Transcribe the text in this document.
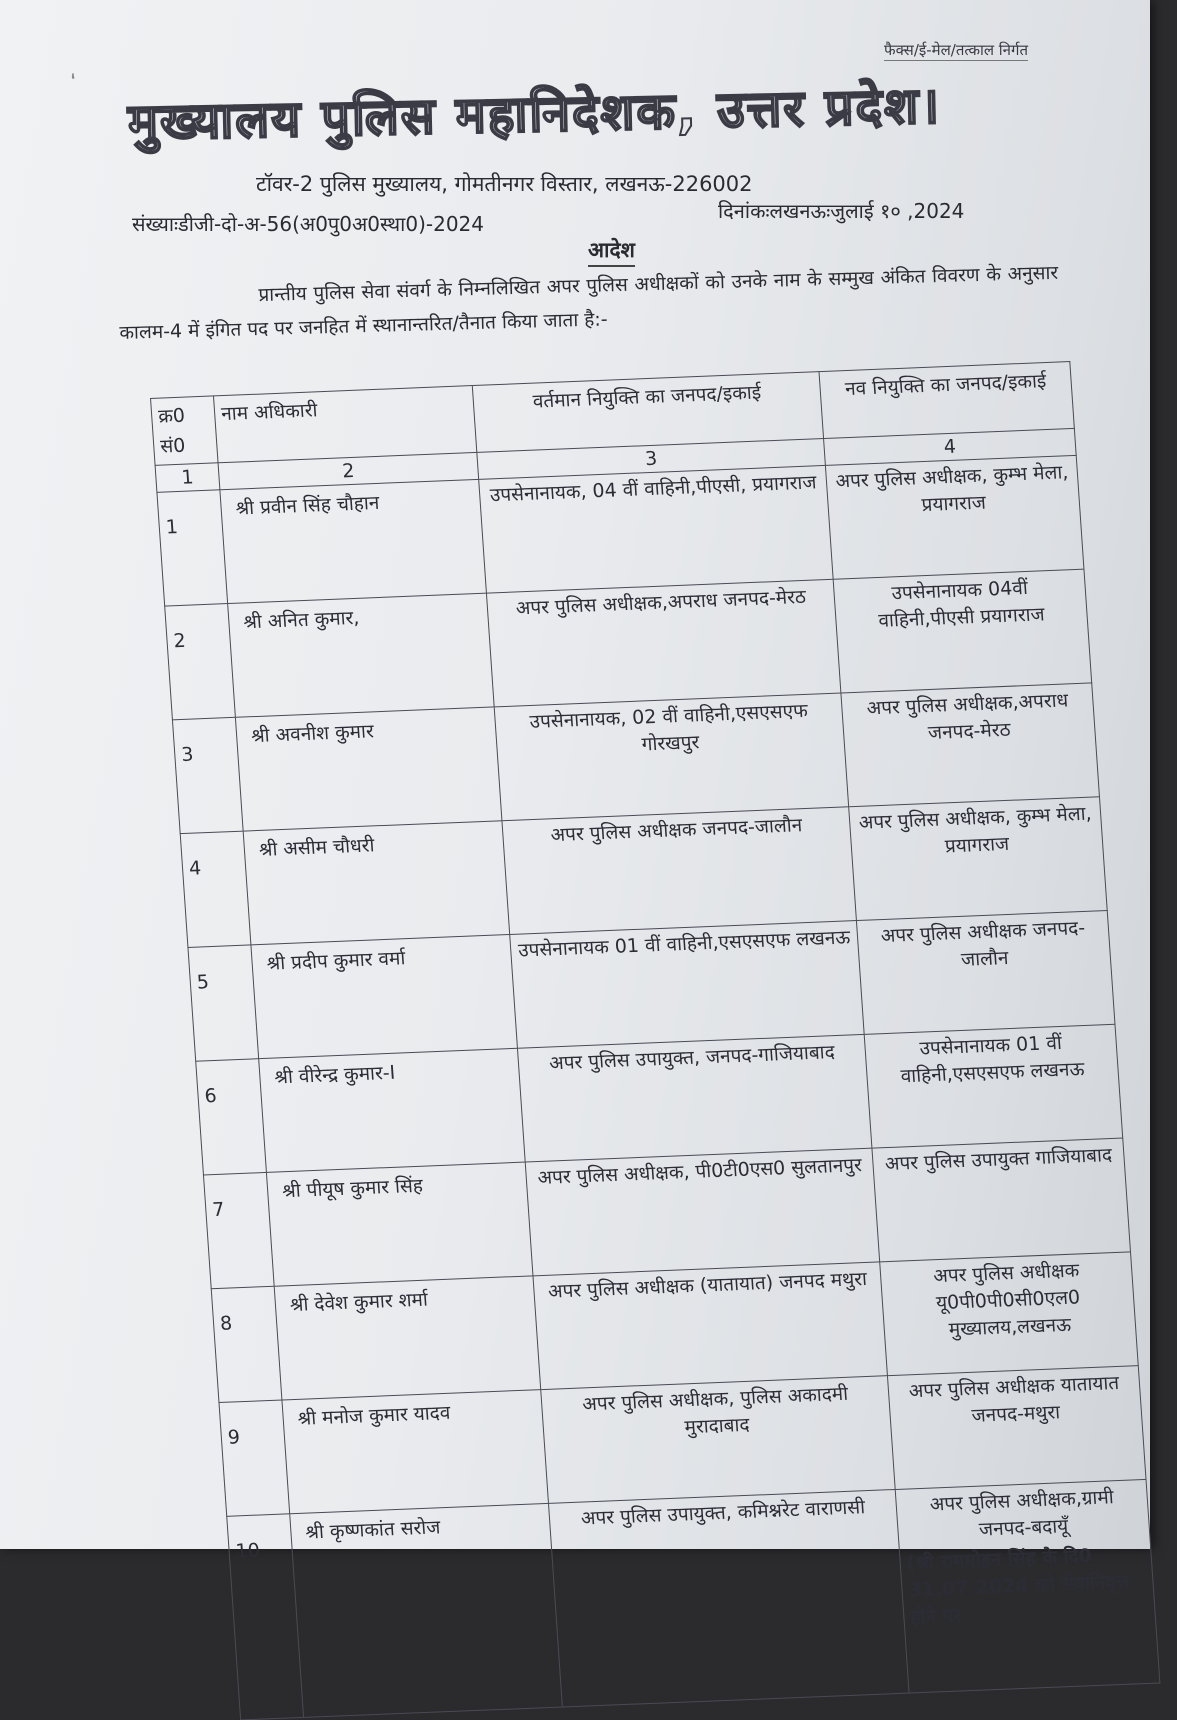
‘
फैक्स/ई-मेल/तत्काल निर्गत
मुख्यालय पुलिस महानिदेशक, उत्तर प्रदेश।
टॉवर-2 पुलिस मुख्यालय, गोमतीनगर विस्तार, लखनऊ-226002
संख्याःडीजी-दो-अ-56(अ0पु0अ0स्था0)-2024
दिनांकःलखनऊःजुलाई १० ,2024
आदेश
प्रान्तीय पुलिस सेवा संवर्ग के निम्नलिखित अपर पुलिस अधीक्षकों को उनके नाम के सम्मुख अंकित विवरण के अनुसार कालम-4 में इंगित पद पर जनहित में स्थानान्तरित/तैनात किया जाता है:-
क्र0 सं0	नाम अधिकारी	वर्तमान नियुक्ति का जनपद/इकाई	नव नियुक्ति का जनपद/इकाई
1	2	3	4
1	श्री प्रवीन सिंह चौहान	उपसेनानायक, 04 वीं वाहिनी,पीएसी, प्रयागराज	अपर पुलिस अधीक्षक, कुम्भ मेला, प्रयागराज
2	श्री अनित कुमार,	अपर पुलिस अधीक्षक,अपराध जनपद-मेरठ	उपसेनानायक 04वीं वाहिनी,पीएसी प्रयागराज
3	श्री अवनीश कुमार	उपसेनानायक, 02 वीं वाहिनी,एसएसएफ गोरखपुर	अपर पुलिस अधीक्षक,अपराध जनपद-मेरठ
4	श्री असीम चौधरी	अपर पुलिस अधीक्षक जनपद-जालौन	अपर पुलिस अधीक्षक, कुम्भ मेला, प्रयागराज
5	श्री प्रदीप कुमार वर्मा	उपसेनानायक 01 वीं वाहिनी,एसएसएफ लखनऊ	अपर पुलिस अधीक्षक जनपद-जालौन
6	श्री वीरेन्द्र कुमार-I	अपर पुलिस उपायुक्त, जनपद-गाजियाबाद	उपसेनानायक 01 वीं वाहिनी,एसएसएफ लखनऊ
7	श्री पीयूष कुमार सिंह	अपर पुलिस अधीक्षक, पी0टी0एस0 सुलतानपुर	अपर पुलिस उपायुक्त गाजियाबाद
8	श्री देवेश कुमार शर्मा	अपर पुलिस अधीक्षक (यातायात) जनपद मथुरा	अपर पुलिस अधीक्षक यू0पी0पी0सी0एल0 मुख्यालय,लखनऊ
9	श्री मनोज कुमार यादव	अपर पुलिस अधीक्षक, पुलिस अकादमी मुरादाबाद	अपर पुलिस अधीक्षक यातायात जनपद-मथुरा
10	श्री कृष्णकांत सरोज	अपर पुलिस उपायुक्त, कमिश्नरेट वाराणसी	अपर पुलिस अधीक्षक,ग्रामी जनपद-बदायूँ
(श्री राममोहन सिंह के दि0 31.07.2024 को सेवानिवृत्त होने पर
